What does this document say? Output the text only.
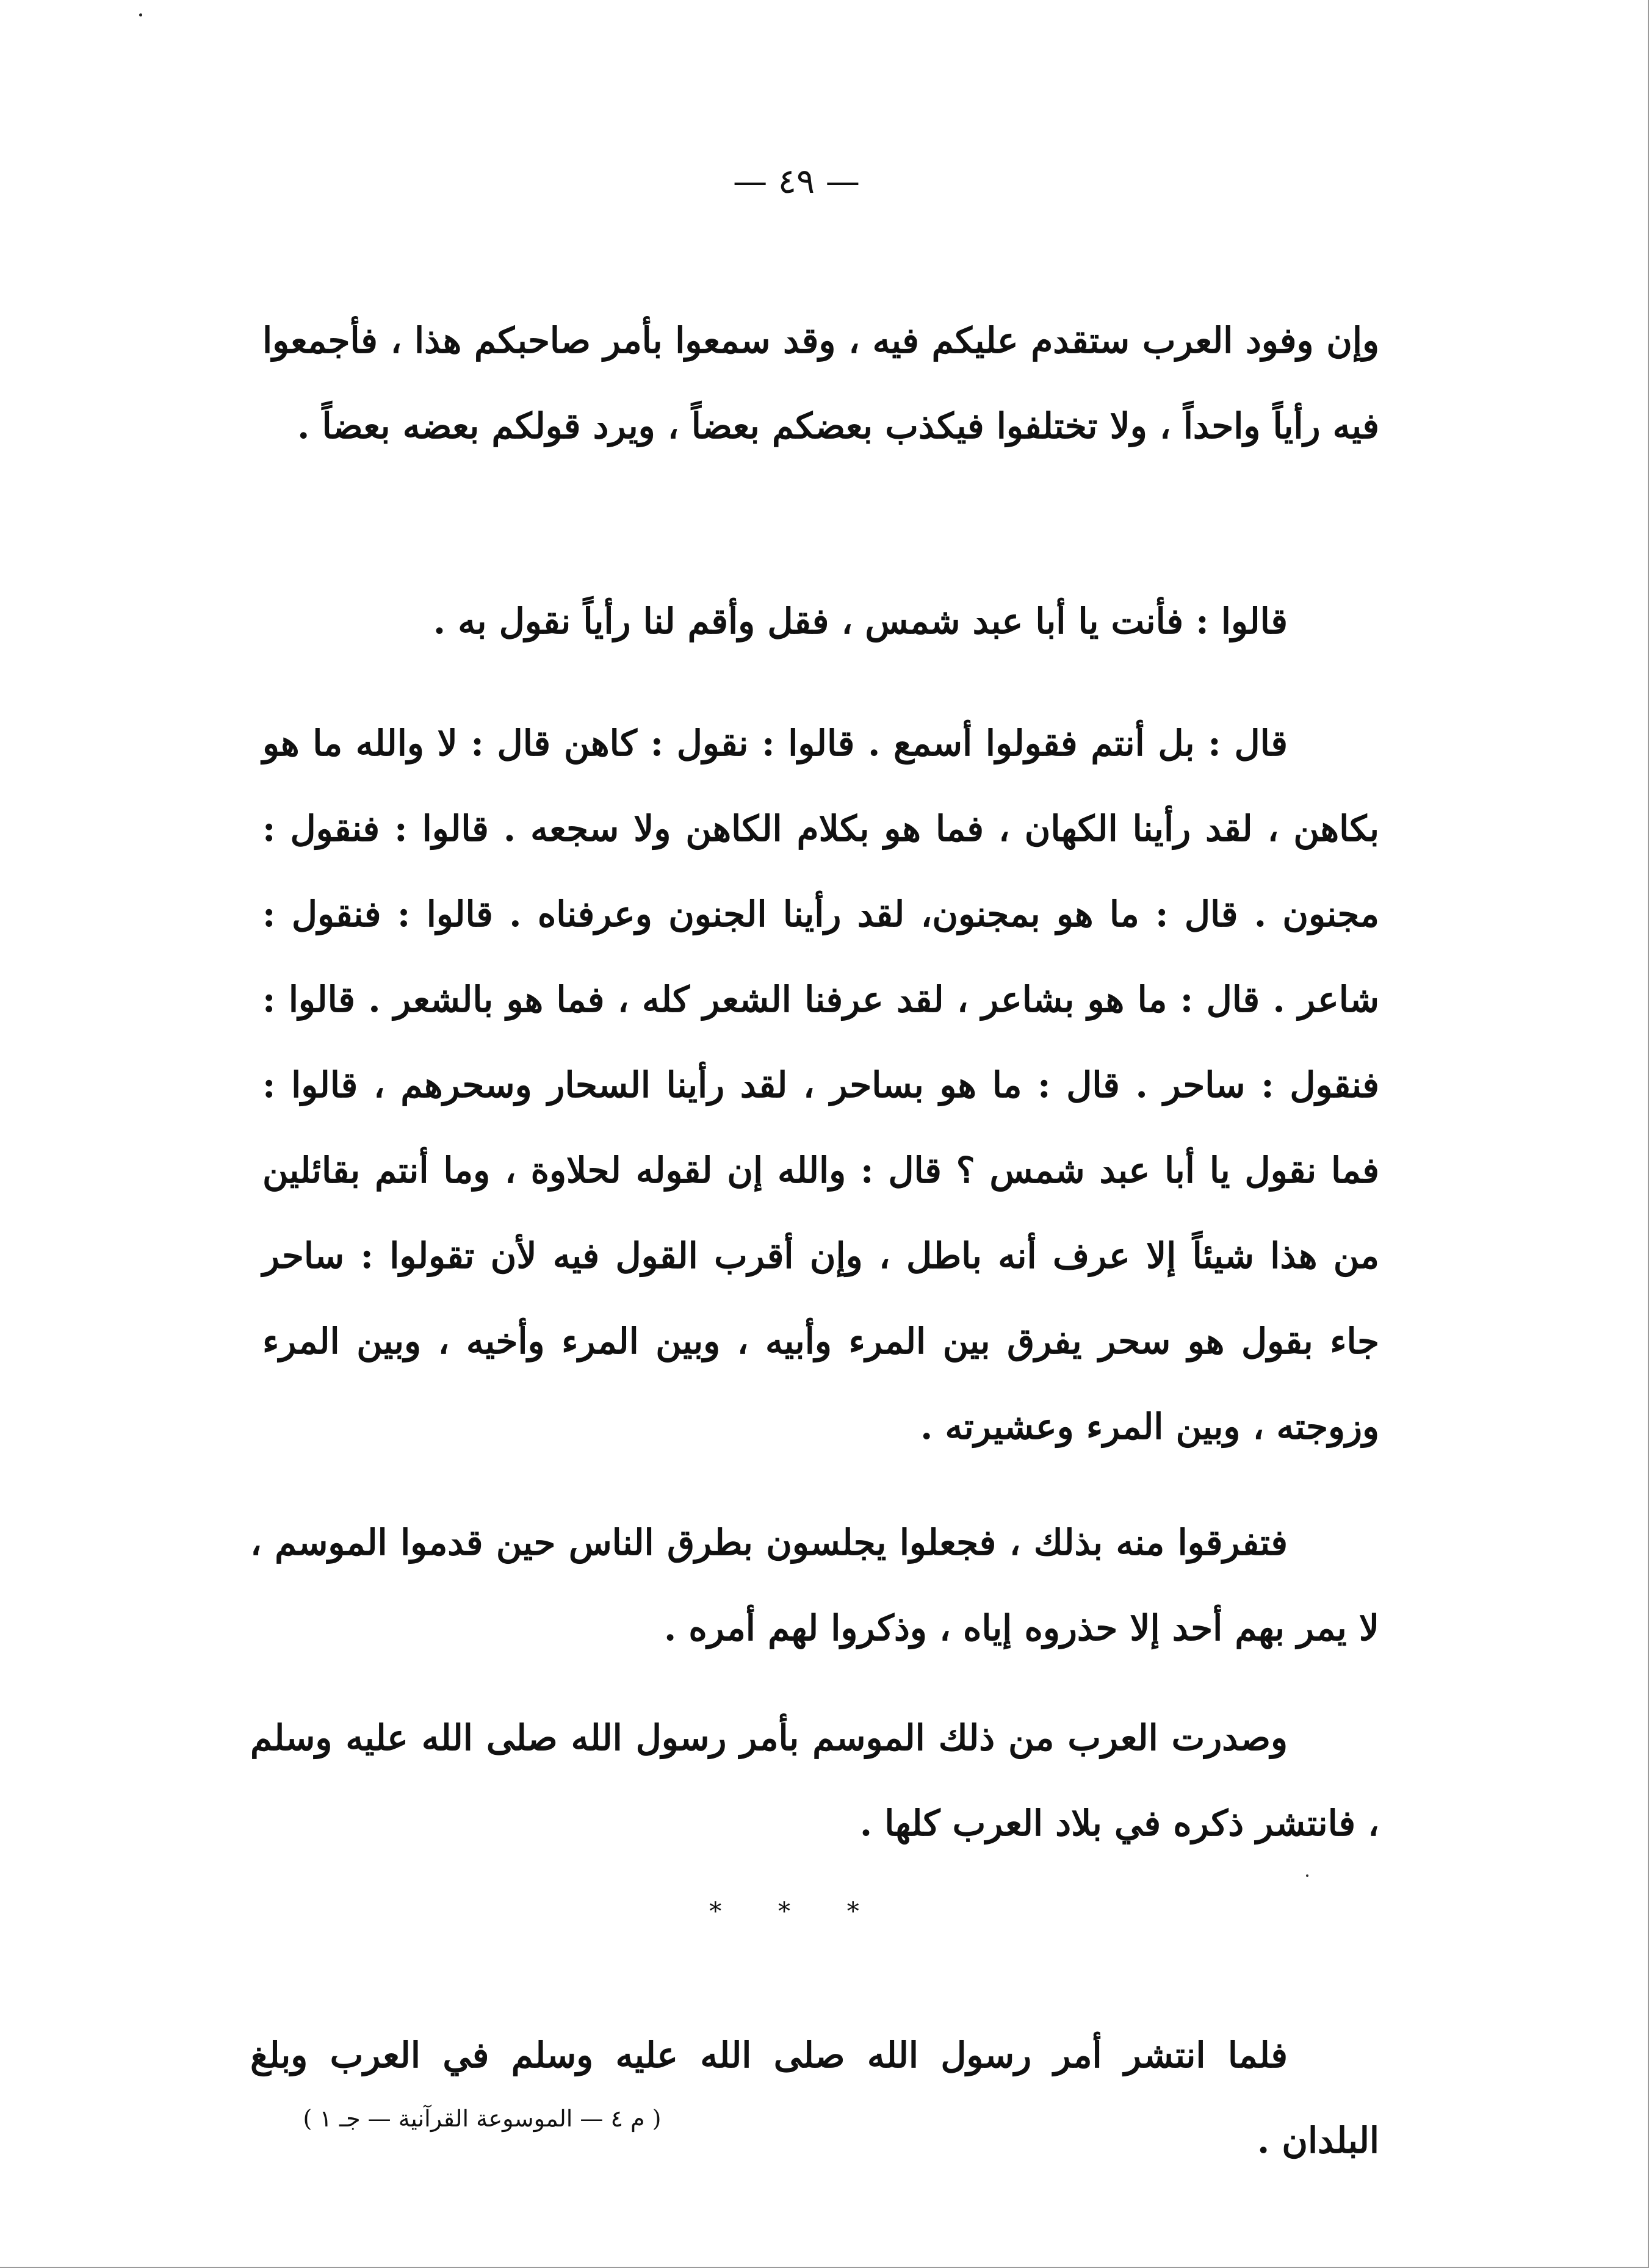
— ٤٩ —

وإن وفود العرب ستقدم عليكم فيه ، وقد سمعوا بأمر صاحبكم هذا ، فأجمعوا فيه رأياً واحداً ، ولا تختلفوا فيكذب بعضكم بعضاً ، ويرد قولكم بعضه بعضاً .

قالوا : فأنت يا أبا عبد شمس ، فقل وأقم لنا رأياً نقول به .

قال : بل أنتم فقولوا أسمع . قالوا : نقول : كاهن قال : لا والله ما هو بكاهن ، لقد رأينا الكهان ، فما هو بكلام الكاهن ولا سجعه . قالوا : فنقول : مجنون . قال : ما هو بمجنون، لقد رأينا الجنون وعرفناه . قالوا : فنقول : شاعر . قال : ما هو بشاعر ، لقد عرفنا الشعر كله ، فما هو بالشعر . قالوا : فنقول : ساحر . قال : ما هو بساحر ، لقد رأينا السحار وسحرهم ، قالوا : فما نقول يا أبا عبد شمس ؟ قال : والله إن لقوله لحلاوة ، وما أنتم بقائلين من هذا شيئاً إلا عرف أنه باطل ، وإن أقرب القول فيه لأن تقولوا : ساحر جاء بقول هو سحر يفرق بين المرء وأبيه ، وبين المرء وأخيه ، وبين المرء وزوجته ، وبين المرء وعشيرته .

فتفرقوا منه بذلك ، فجعلوا يجلسون بطرق الناس حين قدموا الموسم ، لا يمر بهم أحد إلا حذروه إياه ، وذكروا لهم أمره .

وصدرت العرب من ذلك الموسم بأمر رسول الله صلى الله عليه وسلم ، فانتشر ذكره في بلاد العرب كلها .

* * *

فلما انتشر أمر رسول الله صلى الله عليه وسلم في العرب وبلغ البلدان .

( م ٤ — الموسوعة القرآنية — جـ ١ )
